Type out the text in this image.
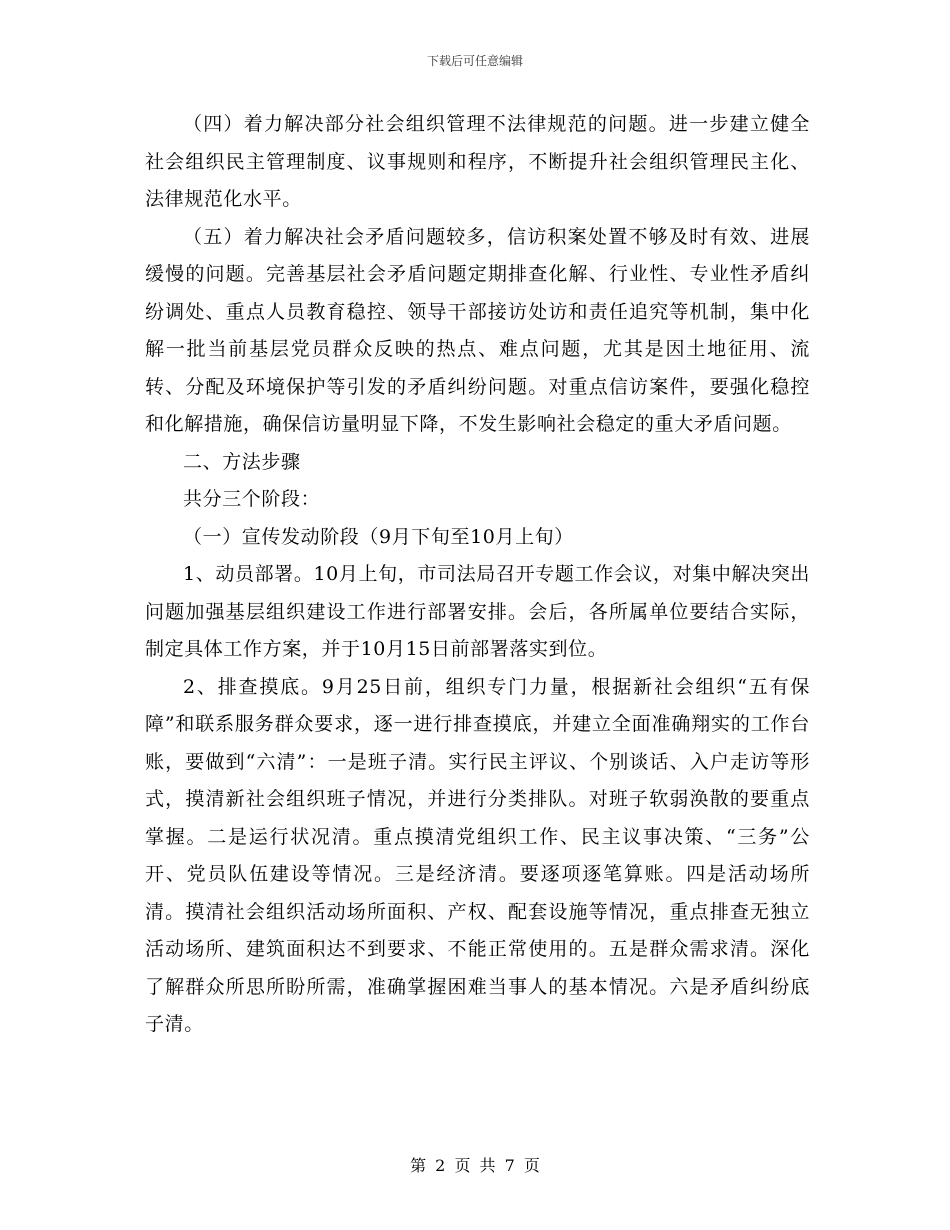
下载后可任意编辑

（四）着力解决部分社会组织管理不法律规范的问题。进一步建立健全社会组织民主管理制度、议事规则和程序，不断提升社会组织管理民主化、法律规范化水平。

（五）着力解决社会矛盾问题较多，信访积案处置不够及时有效、进展缓慢的问题。完善基层社会矛盾问题定期排查化解、行业性、专业性矛盾纠纷调处、重点人员教育稳控、领导干部接访处访和责任追究等机制，集中化解一批当前基层党员群众反映的热点、难点问题，尤其是因土地征用、流转、分配及环境保护等引发的矛盾纠纷问题。对重点信访案件，要强化稳控和化解措施，确保信访量明显下降，不发生影响社会稳定的重大矛盾问题。

二、方法步骤

共分三个阶段：

（一）宣传发动阶段（9月下旬至10月上旬）

1、动员部署。10月上旬，市司法局召开专题工作会议，对集中解决突出问题加强基层组织建设工作进行部署安排。会后，各所属单位要结合实际，制定具体工作方案，并于10月15日前部署落实到位。

2、排查摸底。9月25日前，组织专门力量，根据新社会组织“五有保障”和联系服务群众要求，逐一进行排查摸底，并建立全面准确翔实的工作台账，要做到“六清”：一是班子清。实行民主评议、个别谈话、入户走访等形式，摸清新社会组织班子情况，并进行分类排队。对班子软弱涣散的要重点掌握。二是运行状况清。重点摸清党组织工作、民主议事决策、“三务”公开、党员队伍建设等情况。三是经济清。要逐项逐笔算账。四是活动场所清。摸清社会组织活动场所面积、产权、配套设施等情况，重点排查无独立活动场所、建筑面积达不到要求、不能正常使用的。五是群众需求清。深化了解群众所思所盼所需，准确掌握困难当事人的基本情况。六是矛盾纠纷底子清。

第 2 页 共 7 页
